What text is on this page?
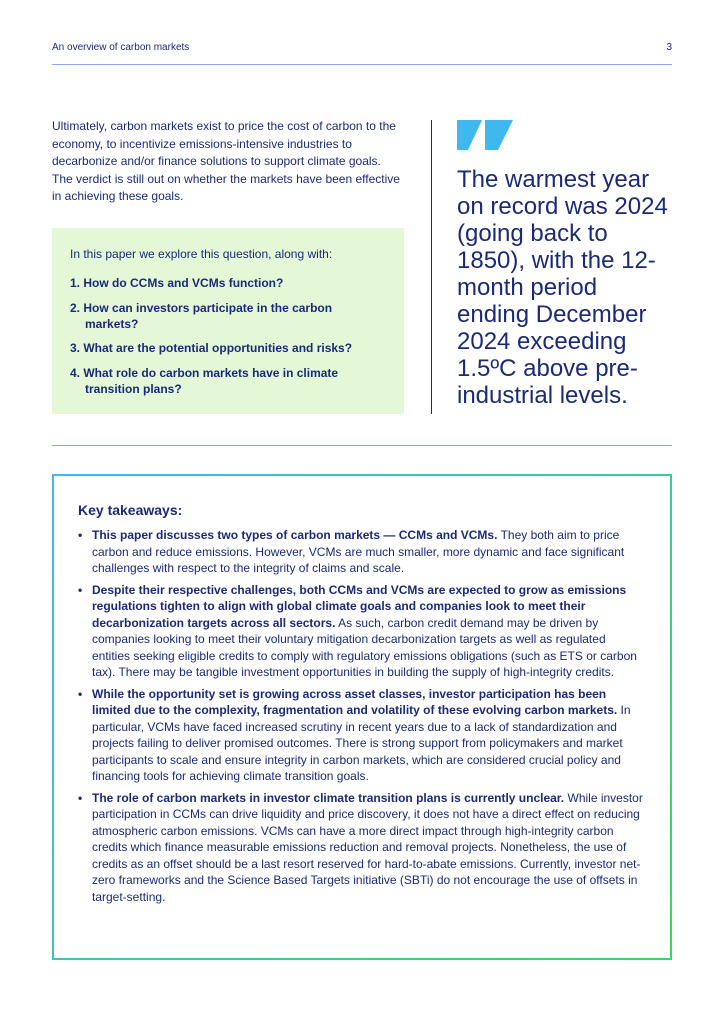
An overview of carbon markets	3

Ultimately, carbon markets exist to price the cost of carbon to the economy, to incentivize emissions-intensive industries to decarbonize and/or finance solutions to support climate goals. The verdict is still out on whether the markets have been effective in achieving these goals.

In this paper we explore this question, along with:

1. How do CCMs and VCMs function?
2. How can investors participate in the carbon markets?
3. What are the potential opportunities and risks?
4. What role do carbon markets have in climate transition plans?
The warmest year on record was 2024 (going back to 1850), with the 12-month period ending December 2024 exceeding 1.5ºC above pre-industrial levels.
Key takeaways:
• This paper discusses two types of carbon markets — CCMs and VCMs. They both aim to price carbon and reduce emissions. However, VCMs are much smaller, more dynamic and face significant challenges with respect to the integrity of claims and scale.
• Despite their respective challenges, both CCMs and VCMs are expected to grow as emissions regulations tighten to align with global climate goals and companies look to meet their decarbonization targets across all sectors. As such, carbon credit demand may be driven by companies looking to meet their voluntary mitigation decarbonization targets as well as regulated entities seeking eligible credits to comply with regulatory emissions obligations (such as ETS or carbon tax). There may be tangible investment opportunities in building the supply of high-integrity credits.
• While the opportunity set is growing across asset classes, investor participation has been limited due to the complexity, fragmentation and volatility of these evolving carbon markets. In particular, VCMs have faced increased scrutiny in recent years due to a lack of standardization and projects failing to deliver promised outcomes. There is strong support from policymakers and market participants to scale and ensure integrity in carbon markets, which are considered crucial policy and financing tools for achieving climate transition goals.
• The role of carbon markets in investor climate transition plans is currently unclear. While investor participation in CCMs can drive liquidity and price discovery, it does not have a direct effect on reducing atmospheric carbon emissions. VCMs can have a more direct impact through high-integrity carbon credits which finance measurable emissions reduction and removal projects. Nonetheless, the use of credits as an offset should be a last resort reserved for hard-to-abate emissions. Currently, investor net-zero frameworks and the Science Based Targets initiative (SBTi) do not encourage the use of offsets in target-setting.
